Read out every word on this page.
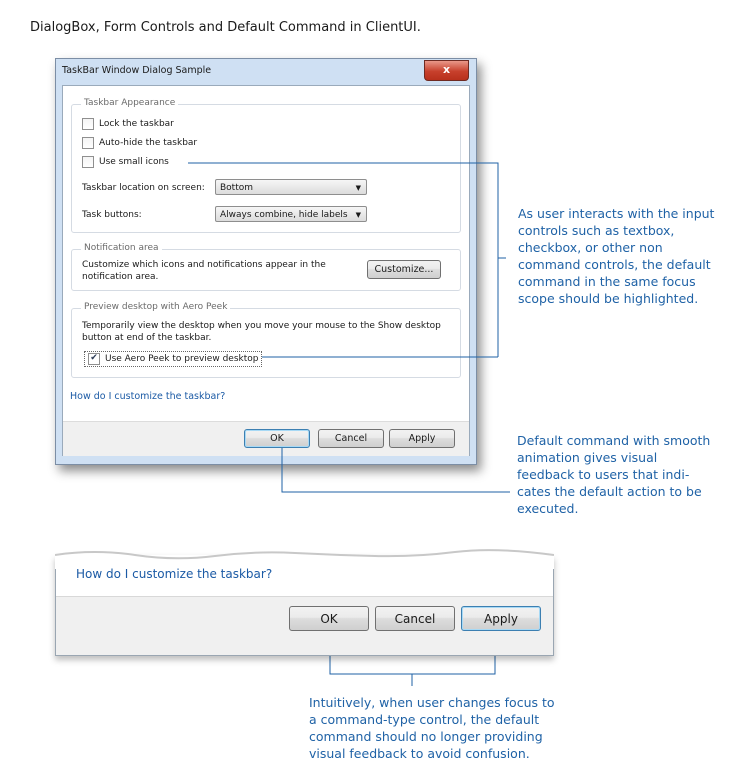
DialogBox, Form Controls and Default Command in ClientUI.
TaskBar Window Dialog Sample	x
Taskbar Appearance
Lock the taskbar
Auto-hide the taskbar
Use small icons
Taskbar location on screen:	Bottom	▼
Task buttons:	Always combine, hide labels ▼
Notification area
Customize which icons and notifications appear in the notification area.
Customize...
Preview desktop with Aero Peek
Temporarily view the desktop when you move your mouse to the Show desktop button at end of the taskbar.
✔ Use Aero Peek to preview desktop
How do I customize the taskbar?
OK	Cancel	Apply
As user interacts with the input controls such as textbox, checkbox, or other non command controls, the default command in the same focus scope should be highlighted.
Default command with smooth animation gives visual feedback to users that indi-cates the default action to be executed.
How do I customize the taskbar?
OK	Cancel	Apply
Intuitively, when user changes focus to a command-type control, the default command should no longer providing visual feedback to avoid confusion.
